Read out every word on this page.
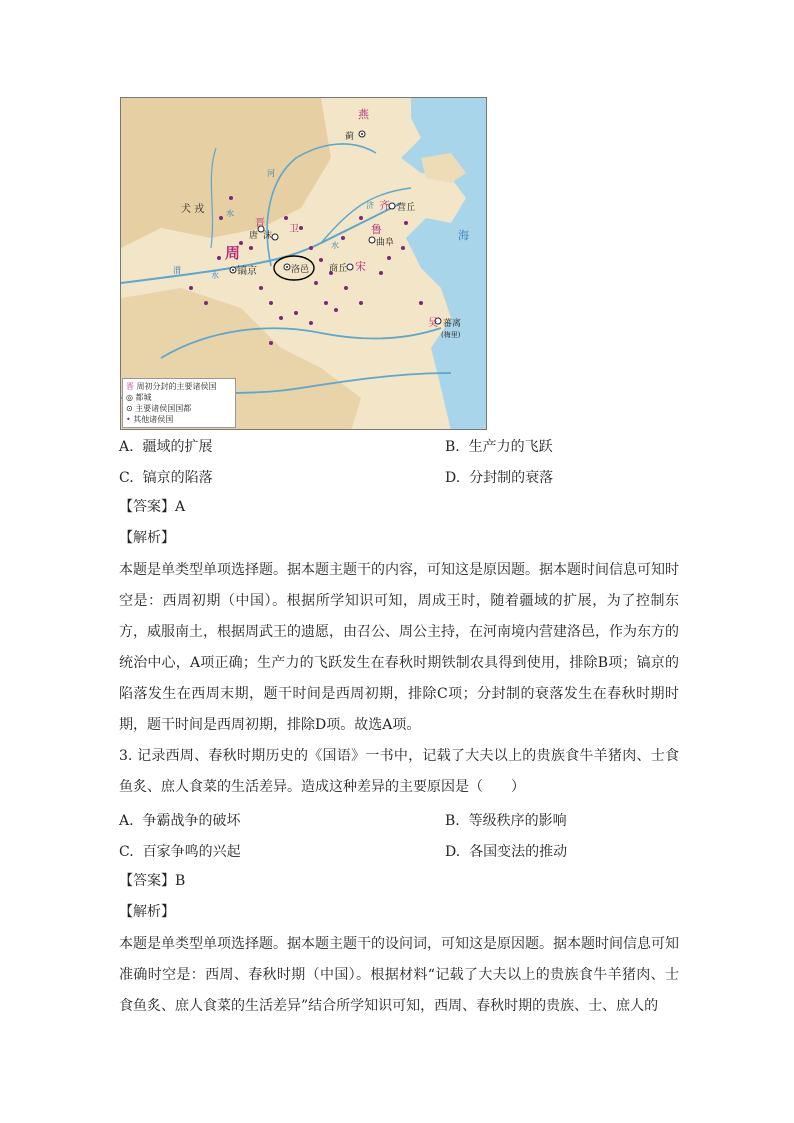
燕
蓟
犬 戎
周
镐京	洛邑
唐
晋
沫
卫
齐 营丘
鲁
曲阜
商丘 宋
吴 蕃离
(梅里)
海
河
水
水
水
济
渭
晋 周初分封的主要诸侯国
◎ 都城
⊙ 主要诸侯国国都
• 其他诸侯国
A. 疆域的扩展	B. 生产力的飞跃
C. 镐京的陷落	D. 分封制的衰落
【答案】A
【解析】
本题是单类型单项选择题。据本题主题干的内容，可知这是原因题。据本题时间信息可知时空是：西周初期（中国）。根据所学知识可知，周成王时，随着疆域的扩展，为了控制东方，威服南土，根据周武王的遗愿，由召公、周公主持，在河南境内营建洛邑，作为东方的统治中心，A项正确；生产力的飞跃发生在春秋时期铁制农具得到使用，排除B项；镐京的陷落发生在西周末期，题干时间是西周初期，排除C项；分封制的衰落发生在春秋时期时期，题干时间是西周初期，排除D项。故选A项。
3. 记录西周、春秋时期历史的《国语》一书中，记载了大夫以上的贵族食牛羊猪肉、士食鱼炙、庶人食菜的生活差异。造成这种差异的主要原因是（　　）
A. 争霸战争的破坏	B. 等级秩序的影响
C. 百家争鸣的兴起	D. 各国变法的推动
【答案】B
【解析】
本题是单类型单项选择题。据本题主题干的设问词，可知这是原因题。据本题时间信息可知准确时空是：西周、春秋时期（中国）。根据材料“记载了大夫以上的贵族食牛羊猪肉、士食鱼炙、庶人食菜的生活差异”结合所学知识可知，西周、春秋时期的贵族、士、庶人的
